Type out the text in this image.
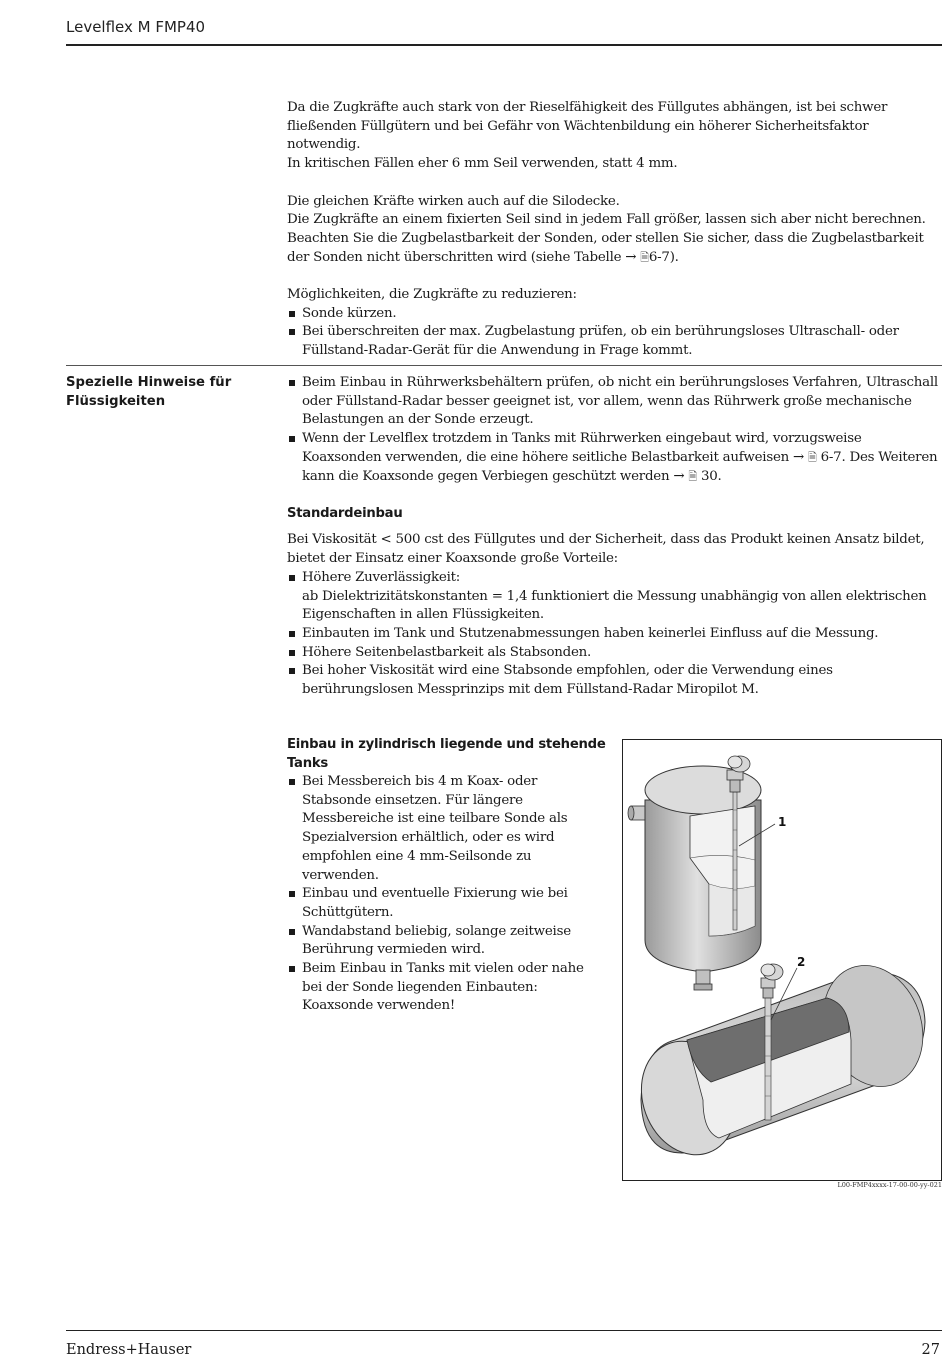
Levelflex M FMP40

Da die Zugkräfte auch stark von der Rieselfähigkeit des Füllgutes abhängen, ist bei schwer fließenden Füllgütern und bei Gefähr von Wächtenbildung ein höherer Sicherheitsfaktor notwendig.

In kritischen Fällen eher 6 mm Seil verwenden, statt 4 mm.

Die gleichen Kräfte wirken auch auf die Silodecke.

Die Zugkräfte an einem fixierten Seil sind in jedem Fall größer, lassen sich aber nicht berechnen.

Beachten Sie die Zugbelastbarkeit der Sonden, oder stellen Sie sicher, dass die Zugbelastbarkeit der Sonden nicht überschritten wird (siehe Tabelle → 🗎6-7).

Möglichkeiten, die Zugkräfte zu reduzieren:

Sonde kürzen.
Bei überschreiten der max. Zugbelastung prüfen, ob ein berührungsloses Ultraschall- oder Füllstand-Radar-Gerät für die Anwendung in Frage kommt.
Spezielle Hinweise für Flüssigkeiten
Beim Einbau in Rührwerksbehältern prüfen, ob nicht ein berührungsloses Verfahren, Ultraschall oder Füllstand-Radar besser geeignet ist, vor allem, wenn das Rührwerk große mechanische Belastungen an der Sonde erzeugt.
Wenn der Levelflex trotzdem in Tanks mit Rührwerken eingebaut wird, vorzugsweise Koaxsonden verwenden, die eine höhere seitliche Belastbarkeit aufweisen → 🗎 6-7. Des Weiteren kann die Koaxsonde gegen Verbiegen geschützt werden → 🗎 30.
Standardeinbau

Bei Viskosität < 500 cst des Füllgutes und der Sicherheit, dass das Produkt keinen Ansatz bildet, bietet der Einsatz einer Koaxsonde große Vorteile:

Höhere Zuverlässigkeit:
ab Dielektrizitätskonstanten = 1,4 funktioniert die Messung unabhängig von allen elektrischen Eigenschaften in allen Flüssigkeiten.
Einbauten im Tank und Stutzenabmessungen haben keinerlei Einfluss auf die Messung.
Höhere Seitenbelastbarkeit als Stabsonden.
Bei hoher Viskosität wird eine Stabsonde empfohlen, oder die Verwendung eines berührungslosen Messprinzips mit dem Füllstand-Radar Miropilot M.
Einbau in zylindrisch liegende und stehende Tanks
Bei Messbereich bis 4 m Koax- oder Stabsonde einsetzen. Für längere Messbereiche ist eine teilbare Sonde als Spezialversion erhältlich, oder es wird empfohlen eine 4 mm-Seilsonde zu verwenden.
Einbau und eventuelle Fixierung wie bei Schüttgütern.
Wandabstand beliebig, solange zeitweise Berührung vermieden wird.
Beim Einbau in Tanks mit vielen oder nahe bei der Sonde liegenden Einbauten: Koaxsonde verwenden!
1
2
L00-FMP4xxxx-17-00-00-yy-021
Endress+Hauser	27
